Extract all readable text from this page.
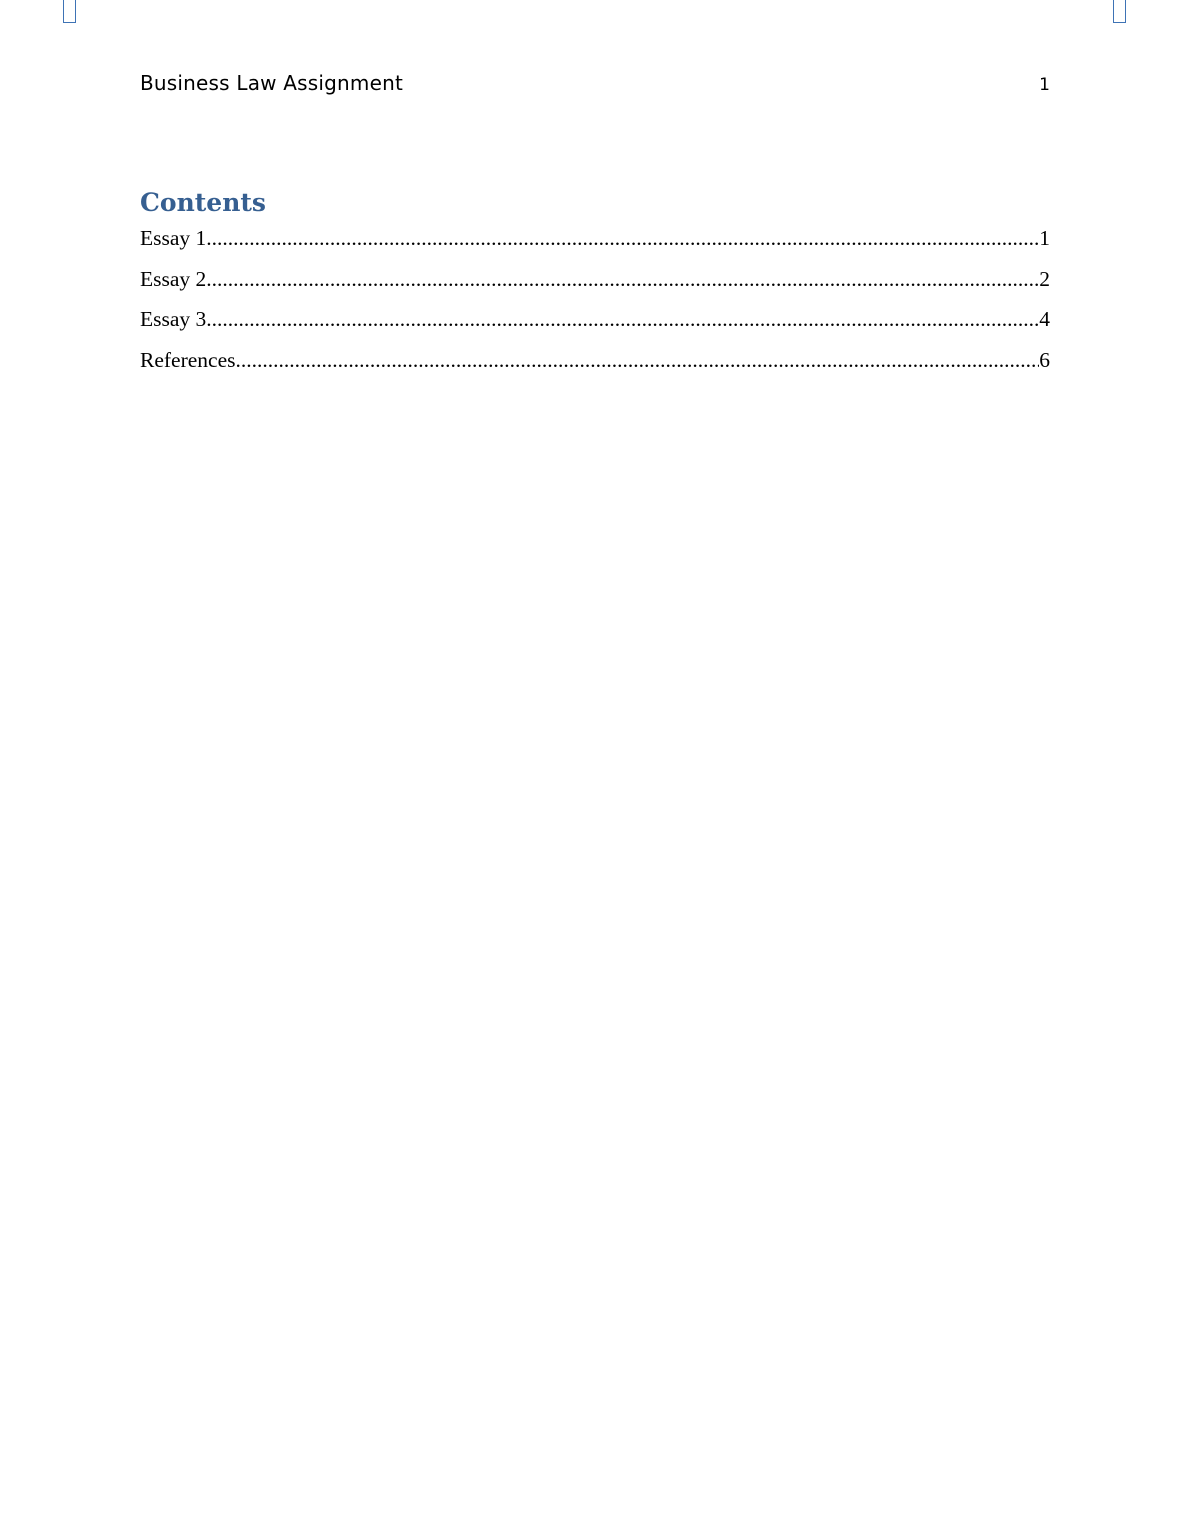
Business Law Assignment	1
Contents
Essay 1 .....	1
Essay 2 .....	2
Essay 3 .....	4
References .....	6
